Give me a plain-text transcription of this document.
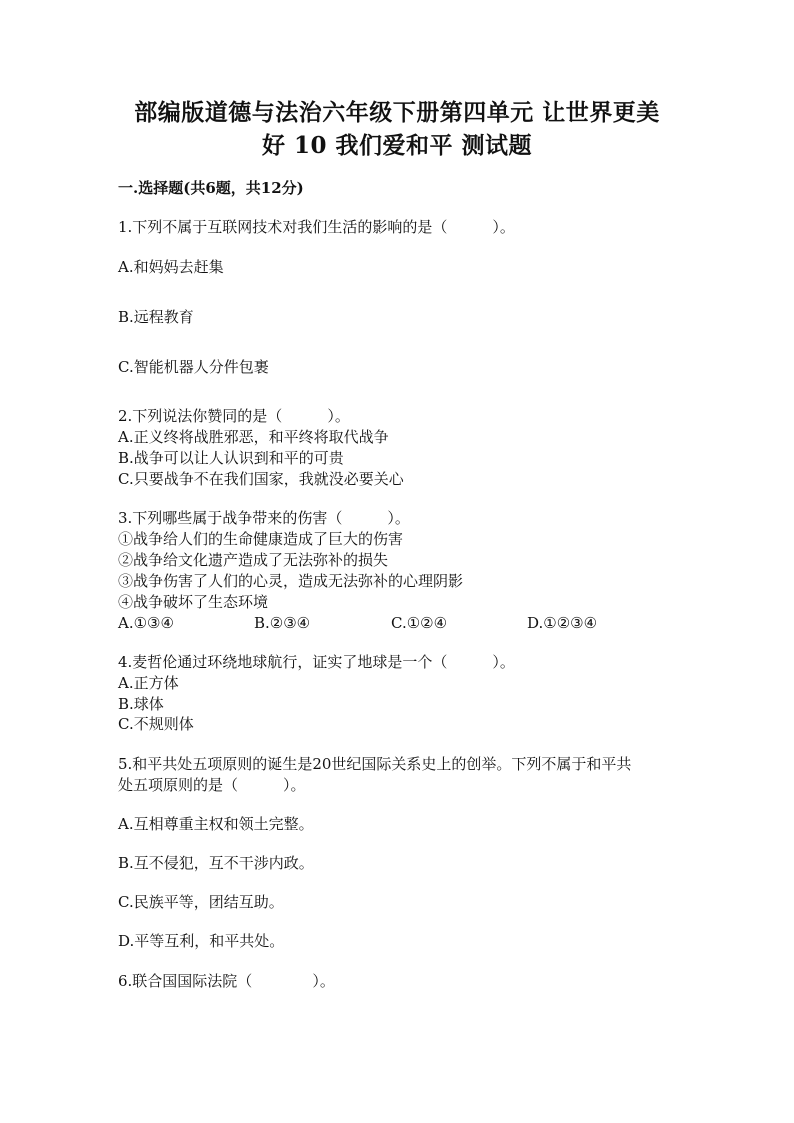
部编版道德与法治六年级下册第四单元 让世界更美
好 10 我们爱和平 测试题
一.选择题(共6题，共12分)
1.下列不属于互联网技术对我们生活的影响的是（　　　）。
A.和妈妈去赶集
B.远程教育
C.智能机器人分件包裹
2.下列说法你赞同的是（　　　）。
A.正义终将战胜邪恶，和平终将取代战争
B.战争可以让人认识到和平的可贵
C.只要战争不在我们国家，我就没必要关心
3.下列哪些属于战争带来的伤害（　　　）。
①战争给人们的生命健康造成了巨大的伤害
②战争给文化遗产造成了无法弥补的损失
③战争伤害了人们的心灵，造成无法弥补的心理阴影
④战争破坏了生态环境
A.①③④	B.②③④	C.①②④	D.①②③④
4.麦哲伦通过环绕地球航行，证实了地球是一个（　　　）。
A.正方体
B.球体
C.不规则体
5.和平共处五项原则的诞生是20世纪国际关系史上的创举。下列不属于和平共
处五项原则的是（　　　）。
A.互相尊重主权和领土完整。
B.互不侵犯，互不干涉内政。
C.民族平等，团结互助。
D.平等互利，和平共处。
6.联合国国际法院（　　　　）。
